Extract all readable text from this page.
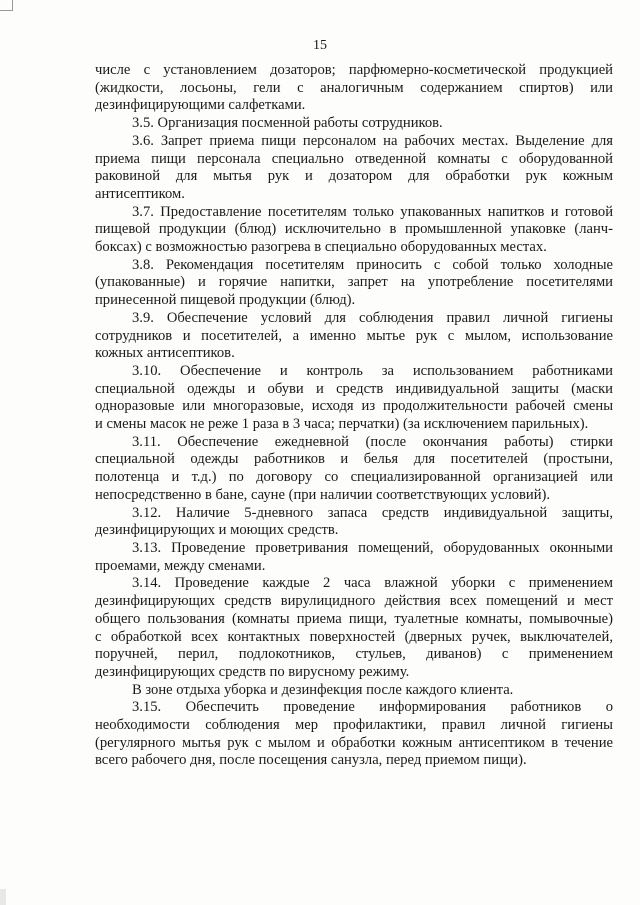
15
числе с установлением дозаторов; парфюмерно-косметической продукцией
(жидкости, лосьоны, гели с аналогичным содержанием спиртов) или
дезинфицирующими салфетками.
3.5. Организация посменной работы сотрудников.
3.6. Запрет приема пищи персоналом на рабочих местах. Выделение для
приема пищи персонала специально отведенной комнаты с оборудованной
раковиной для мытья рук и дозатором для обработки рук кожным
антисептиком.
3.7. Предоставление посетителям только упакованных напитков и готовой
пищевой продукции (блюд) исключительно в промышленной упаковке (ланч-
боксах) с возможностью разогрева в специально оборудованных местах.
3.8. Рекомендация посетителям приносить с собой только холодные
(упакованные) и горячие напитки, запрет на употребление посетителями
принесенной пищевой продукции (блюд).
3.9. Обеспечение условий для соблюдения правил личной гигиены
сотрудников и посетителей, а именно мытье рук с мылом, использование
кожных антисептиков.
3.10. Обеспечение и контроль за использованием работниками
специальной одежды и обуви и средств индивидуальной защиты (маски
одноразовые или многоразовые, исходя из продолжительности рабочей смены
и смены масок не реже 1 раза в 3 часа; перчатки) (за исключением парильных).
3.11. Обеспечение ежедневной (после окончания работы) стирки
специальной одежды работников и белья для посетителей (простыни,
полотенца и т.д.) по договору со специализированной организацией или
непосредственно в бане, сауне (при наличии соответствующих условий).
3.12. Наличие 5-дневного запаса средств индивидуальной защиты,
дезинфицирующих и моющих средств.
3.13. Проведение проветривания помещений, оборудованных оконными
проемами, между сменами.
3.14. Проведение каждые 2 часа влажной уборки с применением
дезинфицирующих средств вирулицидного действия всех помещений и мест
общего пользования (комнаты приема пищи, туалетные комнаты, помывочные)
с обработкой всех контактных поверхностей (дверных ручек, выключателей,
поручней, перил, подлокотников, стульев, диванов) с применением
дезинфицирующих средств по вирусному режиму.
В зоне отдыха уборка и дезинфекция после каждого клиента.
3.15. Обеспечить проведение информирования работников о
необходимости соблюдения мер профилактики, правил личной гигиены
(регулярного мытья рук с мылом и обработки кожным антисептиком в течение
всего рабочего дня, после посещения санузла, перед приемом пищи).
